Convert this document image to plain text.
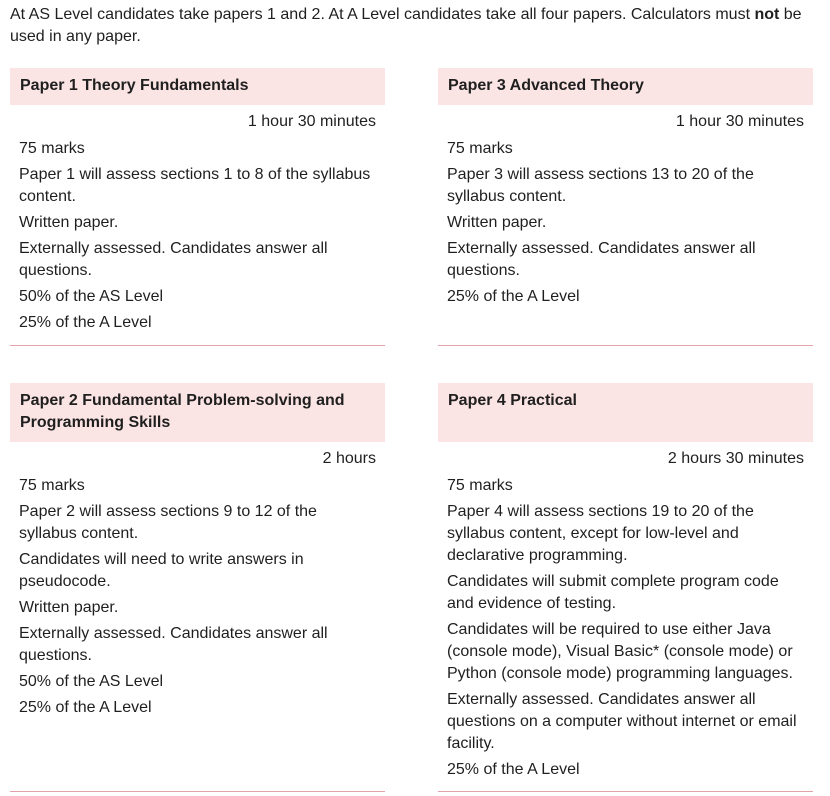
At AS Level candidates take papers 1 and 2. At A Level candidates take all four papers. Calculators must not be used in any paper.

Paper 1 Theory Fundamentals
1 hour 30 minutes
75 marks
Paper 1 will assess sections 1 to 8 of the syllabus content.
Written paper.
Externally assessed. Candidates answer all questions.
50% of the AS Level
25% of the A Level
Paper 3 Advanced Theory
1 hour 30 minutes
75 marks
Paper 3 will assess sections 13 to 20 of the syllabus content.
Written paper.
Externally assessed. Candidates answer all questions.
25% of the A Level
Paper 2 Fundamental Problem-solving and Programming Skills
2 hours
75 marks
Paper 2 will assess sections 9 to 12 of the syllabus content.
Candidates will need to write answers in pseudocode.
Written paper.
Externally assessed. Candidates answer all questions.
50% of the AS Level
25% of the A Level
Paper 4 Practical
2 hours 30 minutes
75 marks
Paper 4 will assess sections 19 to 20 of the syllabus content, except for low-level and declarative programming.
Candidates will submit complete program code and evidence of testing.
Candidates will be required to use either Java (console mode), Visual Basic* (console mode) or Python (console mode) programming languages.
Externally assessed. Candidates answer all questions on a computer without internet or email facility.
25% of the A Level
